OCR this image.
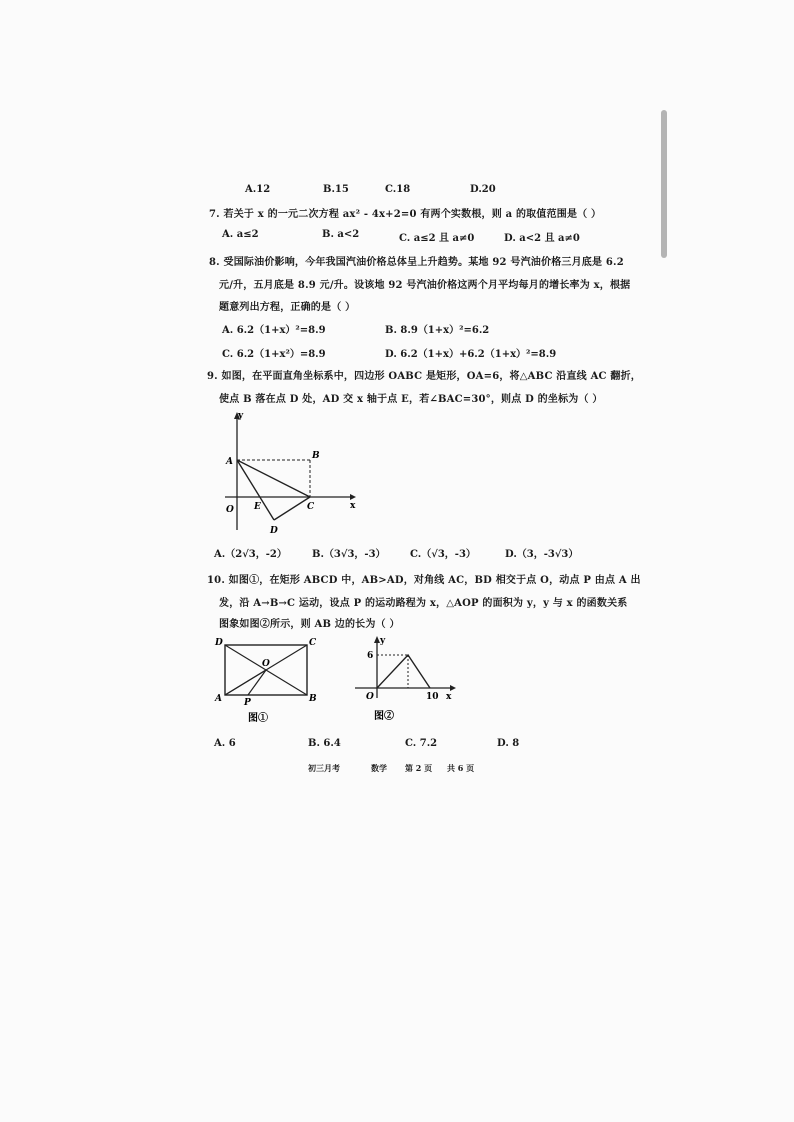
A.12	B.15	C.18	D.20
7. 若关于 x 的一元二次方程 ax² - 4x+2=0 有两个实数根，则 a 的取值范围是（ ）
A. a≤2	B. a<2	C. a≤2 且 a≠0	D. a<2 且 a≠0
8. 受国际油价影响，今年我国汽油价格总体呈上升趋势。某地 92 号汽油价格三月底是 6.2
元/升，五月底是 8.9 元/升。设该地 92 号汽油价格这两个月平均每月的增长率为 x，根据
题意列出方程，正确的是（ ）
A. 6.2（1+x）²=8.9	B. 8.9（1+x）²=6.2
C. 6.2（1+x²）=8.9	D. 6.2（1+x）+6.2（1+x）²=8.9
9. 如图，在平面直角坐标系中，四边形 OABC 是矩形，OA=6，将△ABC 沿直线 AC 翻折，
使点 B 落在点 D 处，AD 交 x 轴于点 E，若∠BAC=30°，则点 D 的坐标为（ ）
y
x
A
B
O E	C
D
A.（2√3，-2）	B.（3√3，-3） C.（√3，-3）	D.（3，-3√3）
10. 如图①，在矩形 ABCD 中，AB>AD，对角线 AC，BD 相交于点 O，动点 P 由点 A 出
发，沿 A→B→C 运动，设点 P 的运动路程为 x，△AOP 的面积为 y，y 与 x 的函数关系
图象如图②所示，则 AB 边的长为（ ）
D	C
O
A P	B
图①
y
6
O	10 x
图②
A. 6	B. 6.4	C. 7.2	D. 8
初三月考	数学 第 2 页 共 6 页
